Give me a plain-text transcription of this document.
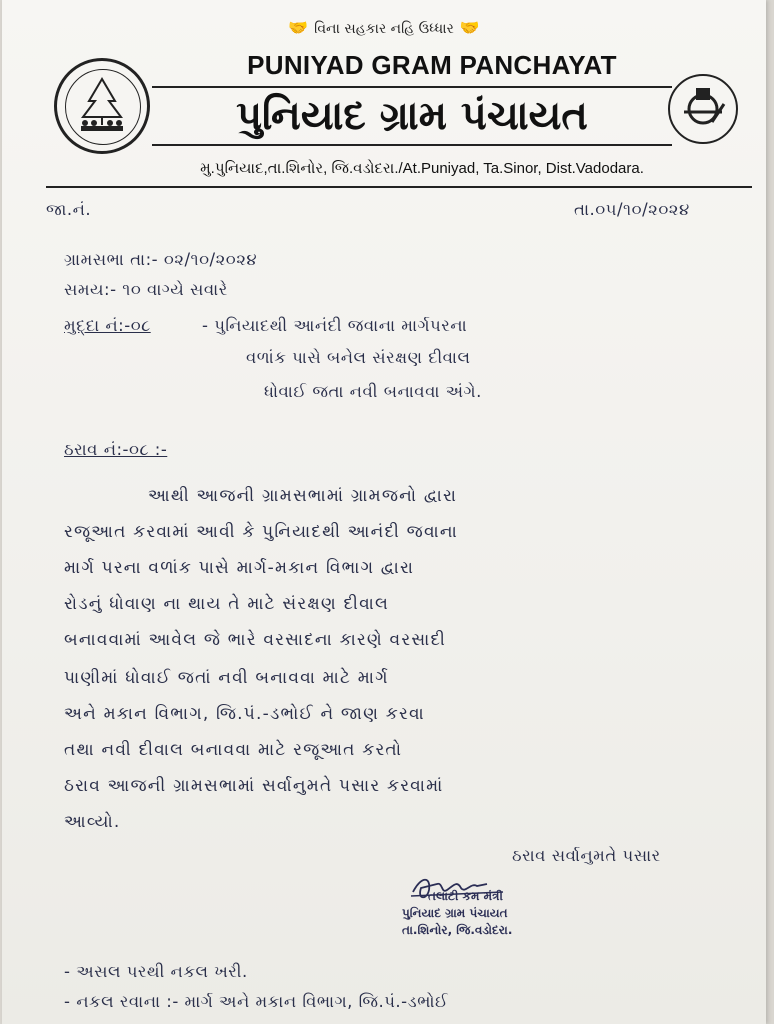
🤝 વિના સહકાર નહિ ઉધ્ધાર 🤝
PUNIYAD GRAM PANCHAYAT
પુનિયાદ ગ્રામ પંચાયત
મુ.પુનિયાદ,તા.શિનોર, જિ.વડોદરા./At.Puniyad, Ta.Sinor, Dist.Vadodara.
જા.નં.	તા.૦૫/૧૦/૨૦૨૪
ગ્રામસભા તા:- ૦૨/૧૦/૨૦૨૪
સમય:- ૧૦ વાગ્યે સવારે
મુદ્દા નં:-૦૮	- પુનિયાદથી આનંદી જવાના માર્ગપરના
વળાંક પાસે બનેલ સંરક્ષણ દીવાલ
ધોવાઈ જતા નવી બનાવવા અંગે.
ઠરાવ નં:-૦૮ :-
આથી આજની ગ્રામસભામાં ગ્રામજનો દ્વારા
રજૂઆત કરવામાં આવી કે પુનિયાદથી આનંદી જવાના
માર્ગ પરના વળાંક પાસે માર્ગ-મકાન વિભાગ દ્વારા
રોડનું ધોવાણ ના થાય તે માટે સંરક્ષણ દીવાલ
બનાવવામાં આવેલ જે ભારે વરસાદના કારણે વરસાદી
પાણીમાં ધોવાઈ જતાં નવી બનાવવા માટે માર્ગ
અને મકાન વિભાગ, જિ.પં.-ડભોઈ ને જાણ કરવા
તથા નવી દીવાલ બનાવવા માટે રજૂઆત કરતો
ઠરાવ આજની ગ્રામસભામાં સર્વાનુમતે પસાર કરવામાં
આવ્યો.
ઠરાવ સર્વાનુમતે પસાર
તલાટી કમ મંત્રી
પુનિયાદ ગ્રામ પંચાયત
તા.શિનોર, જિ.વડોદરા.
- અસલ પરથી નકલ ખરી.
- નકલ રવાના :- માર્ગ અને મકાન વિભાગ, જિ.પં.-ડભોઈ
